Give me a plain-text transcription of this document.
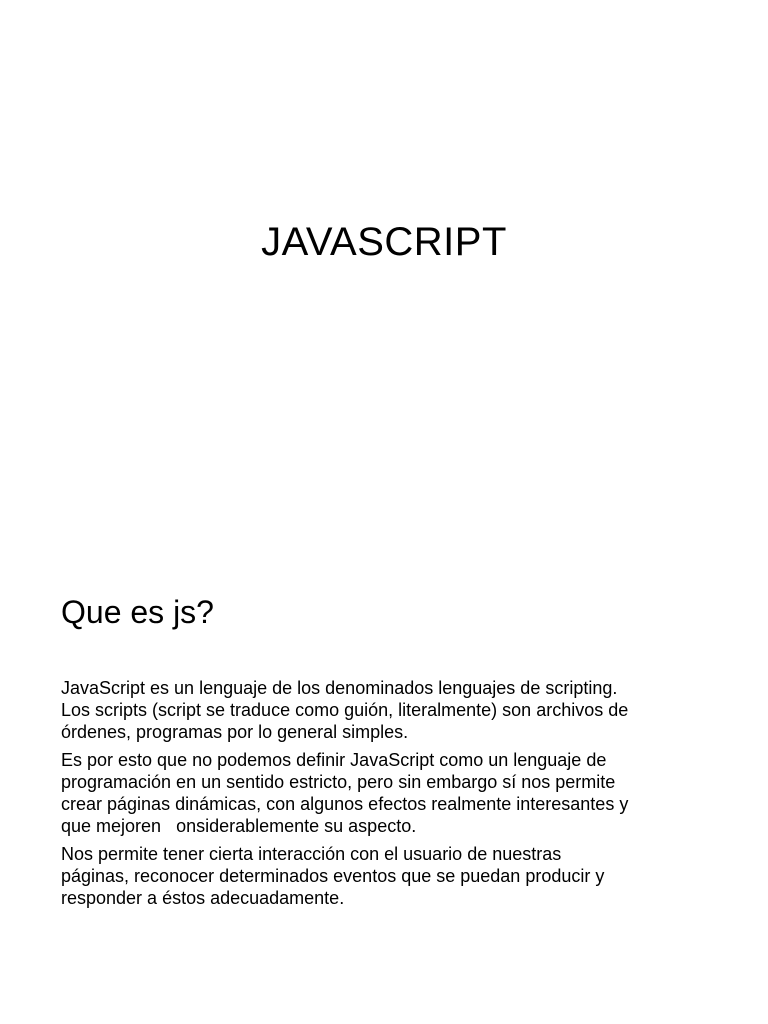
JAVASCRIPT
Que es js?

JavaScript es un lenguaje de los denominados lenguajes de scripting.
Los scripts (script se traduce como guión, literalmente) son archivos de
órdenes, programas por lo general simples.

Es por esto que no podemos definir JavaScript como un lenguaje de
programación en un sentido estricto, pero sin embargo sí nos permite
crear páginas dinámicas, con algunos efectos realmente interesantes y
que mejoren   onsiderablemente su aspecto.

Nos permite tener cierta interacción con el usuario de nuestras
páginas, reconocer determinados eventos que se puedan producir y
responder a éstos adecuadamente.
